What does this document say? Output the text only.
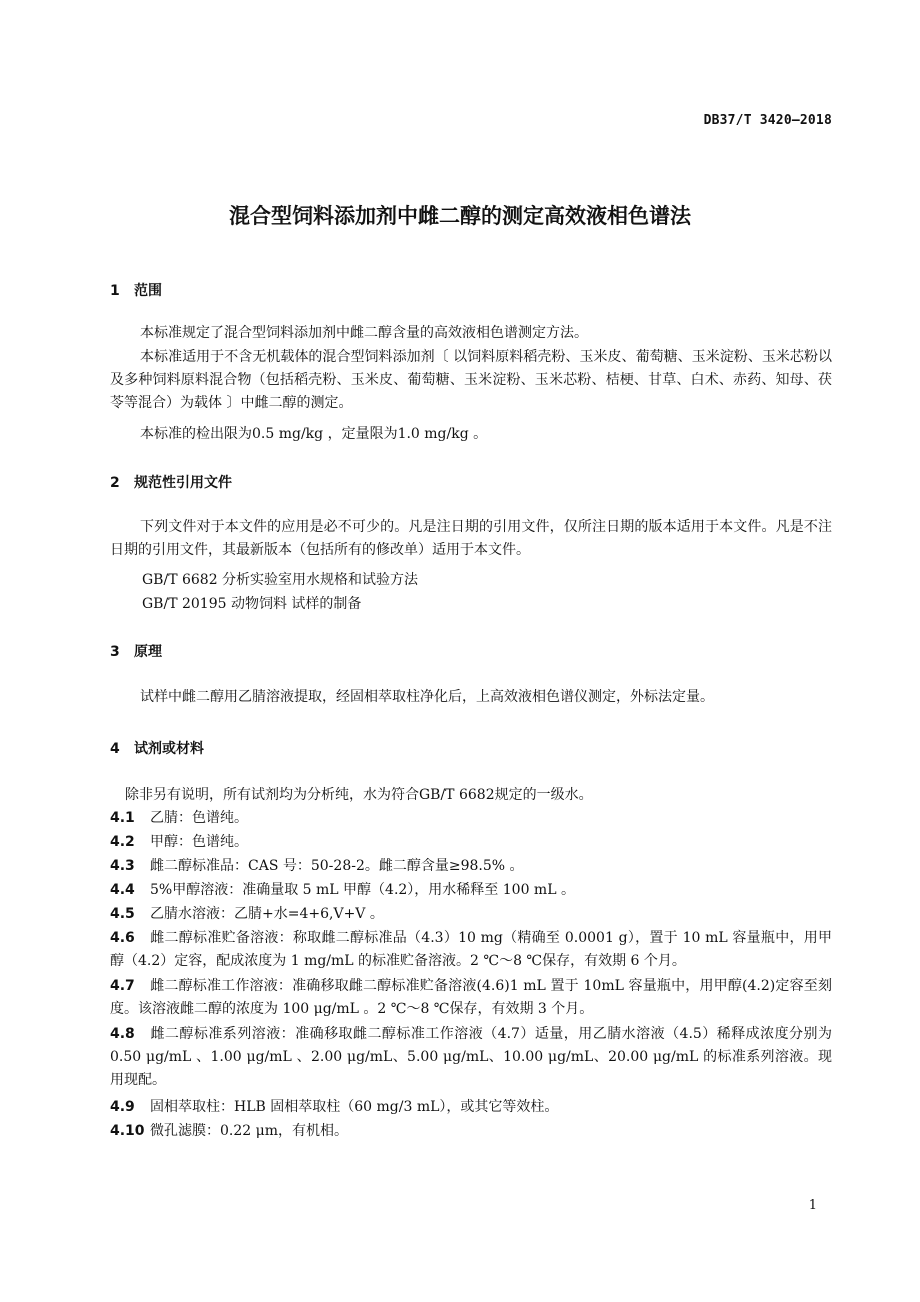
DB37/T 3420—2018
混合型饲料添加剂中雌二醇的测定高效液相色谱法
1 范围
本标准规定了混合型饲料添加剂中雌二醇含量的高效液相色谱测定方法。
本标准适用于不含无机载体的混合型饲料添加剂〔 以饲料原料稻壳粉、玉米皮、葡萄糖、玉米淀粉、玉米芯粉以及多种饲料原料混合物（包括稻壳粉、玉米皮、葡萄糖、玉米淀粉、玉米芯粉、桔梗、甘草、白术、赤药、知母、茯苓等混合）为载体 〕中雌二醇的测定。
本标准的检出限为0.5 mg/kg ，定量限为1.0 mg/kg 。
2 规范性引用文件
下列文件对于本文件的应用是必不可少的。凡是注日期的引用文件，仅所注日期的版本适用于本文件。凡是不注日期的引用文件，其最新版本（包括所有的修改单）适用于本文件。
GB/T 6682 分析实验室用水规格和试验方法
GB/T 20195 动物饲料 试样的制备
3 原理
试样中雌二醇用乙腈溶液提取，经固相萃取柱净化后，上高效液相色谱仪测定，外标法定量。
4 试剂或材料
除非另有说明，所有试剂均为分析纯，水为符合GB/T 6682规定的一级水。
4.1 乙腈：色谱纯。
4.2 甲醇：色谱纯。
4.3 雌二醇标准品：CAS 号：50-28-2。雌二醇含量≥98.5% 。
4.4 5%甲醇溶液：准确量取 5 mL 甲醇（4.2），用水稀释至 100 mL 。
4.5 乙腈水溶液：乙腈+水=4+6,V+V 。
4.6 雌二醇标准贮备溶液：称取雌二醇标准品（4.3）10 mg（精确至 0.0001 g），置于 10 mL 容量瓶中，用甲醇（4.2）定容，配成浓度为 1 mg/mL 的标准贮备溶液。2 ℃～8 ℃保存，有效期 6 个月。
4.7 雌二醇标准工作溶液：准确移取雌二醇标准贮备溶液(4.6)1 mL 置于 10mL 容量瓶中，用甲醇(4.2)定容至刻度。该溶液雌二醇的浓度为 100 μg/mL 。2 ℃～8 ℃保存，有效期 3 个月。
4.8 雌二醇标准系列溶液：准确移取雌二醇标准工作溶液（4.7）适量，用乙腈水溶液（4.5）稀释成浓度分别为 0.50 μg/mL 、1.00 μg/mL 、2.00 μg/mL、5.00 μg/mL、10.00 μg/mL、20.00 μg/mL 的标准系列溶液。现用现配。
4.9 固相萃取柱：HLB 固相萃取柱（60 mg/3 mL），或其它等效柱。
4.10 微孔滤膜：0.22 μm，有机相。
1
